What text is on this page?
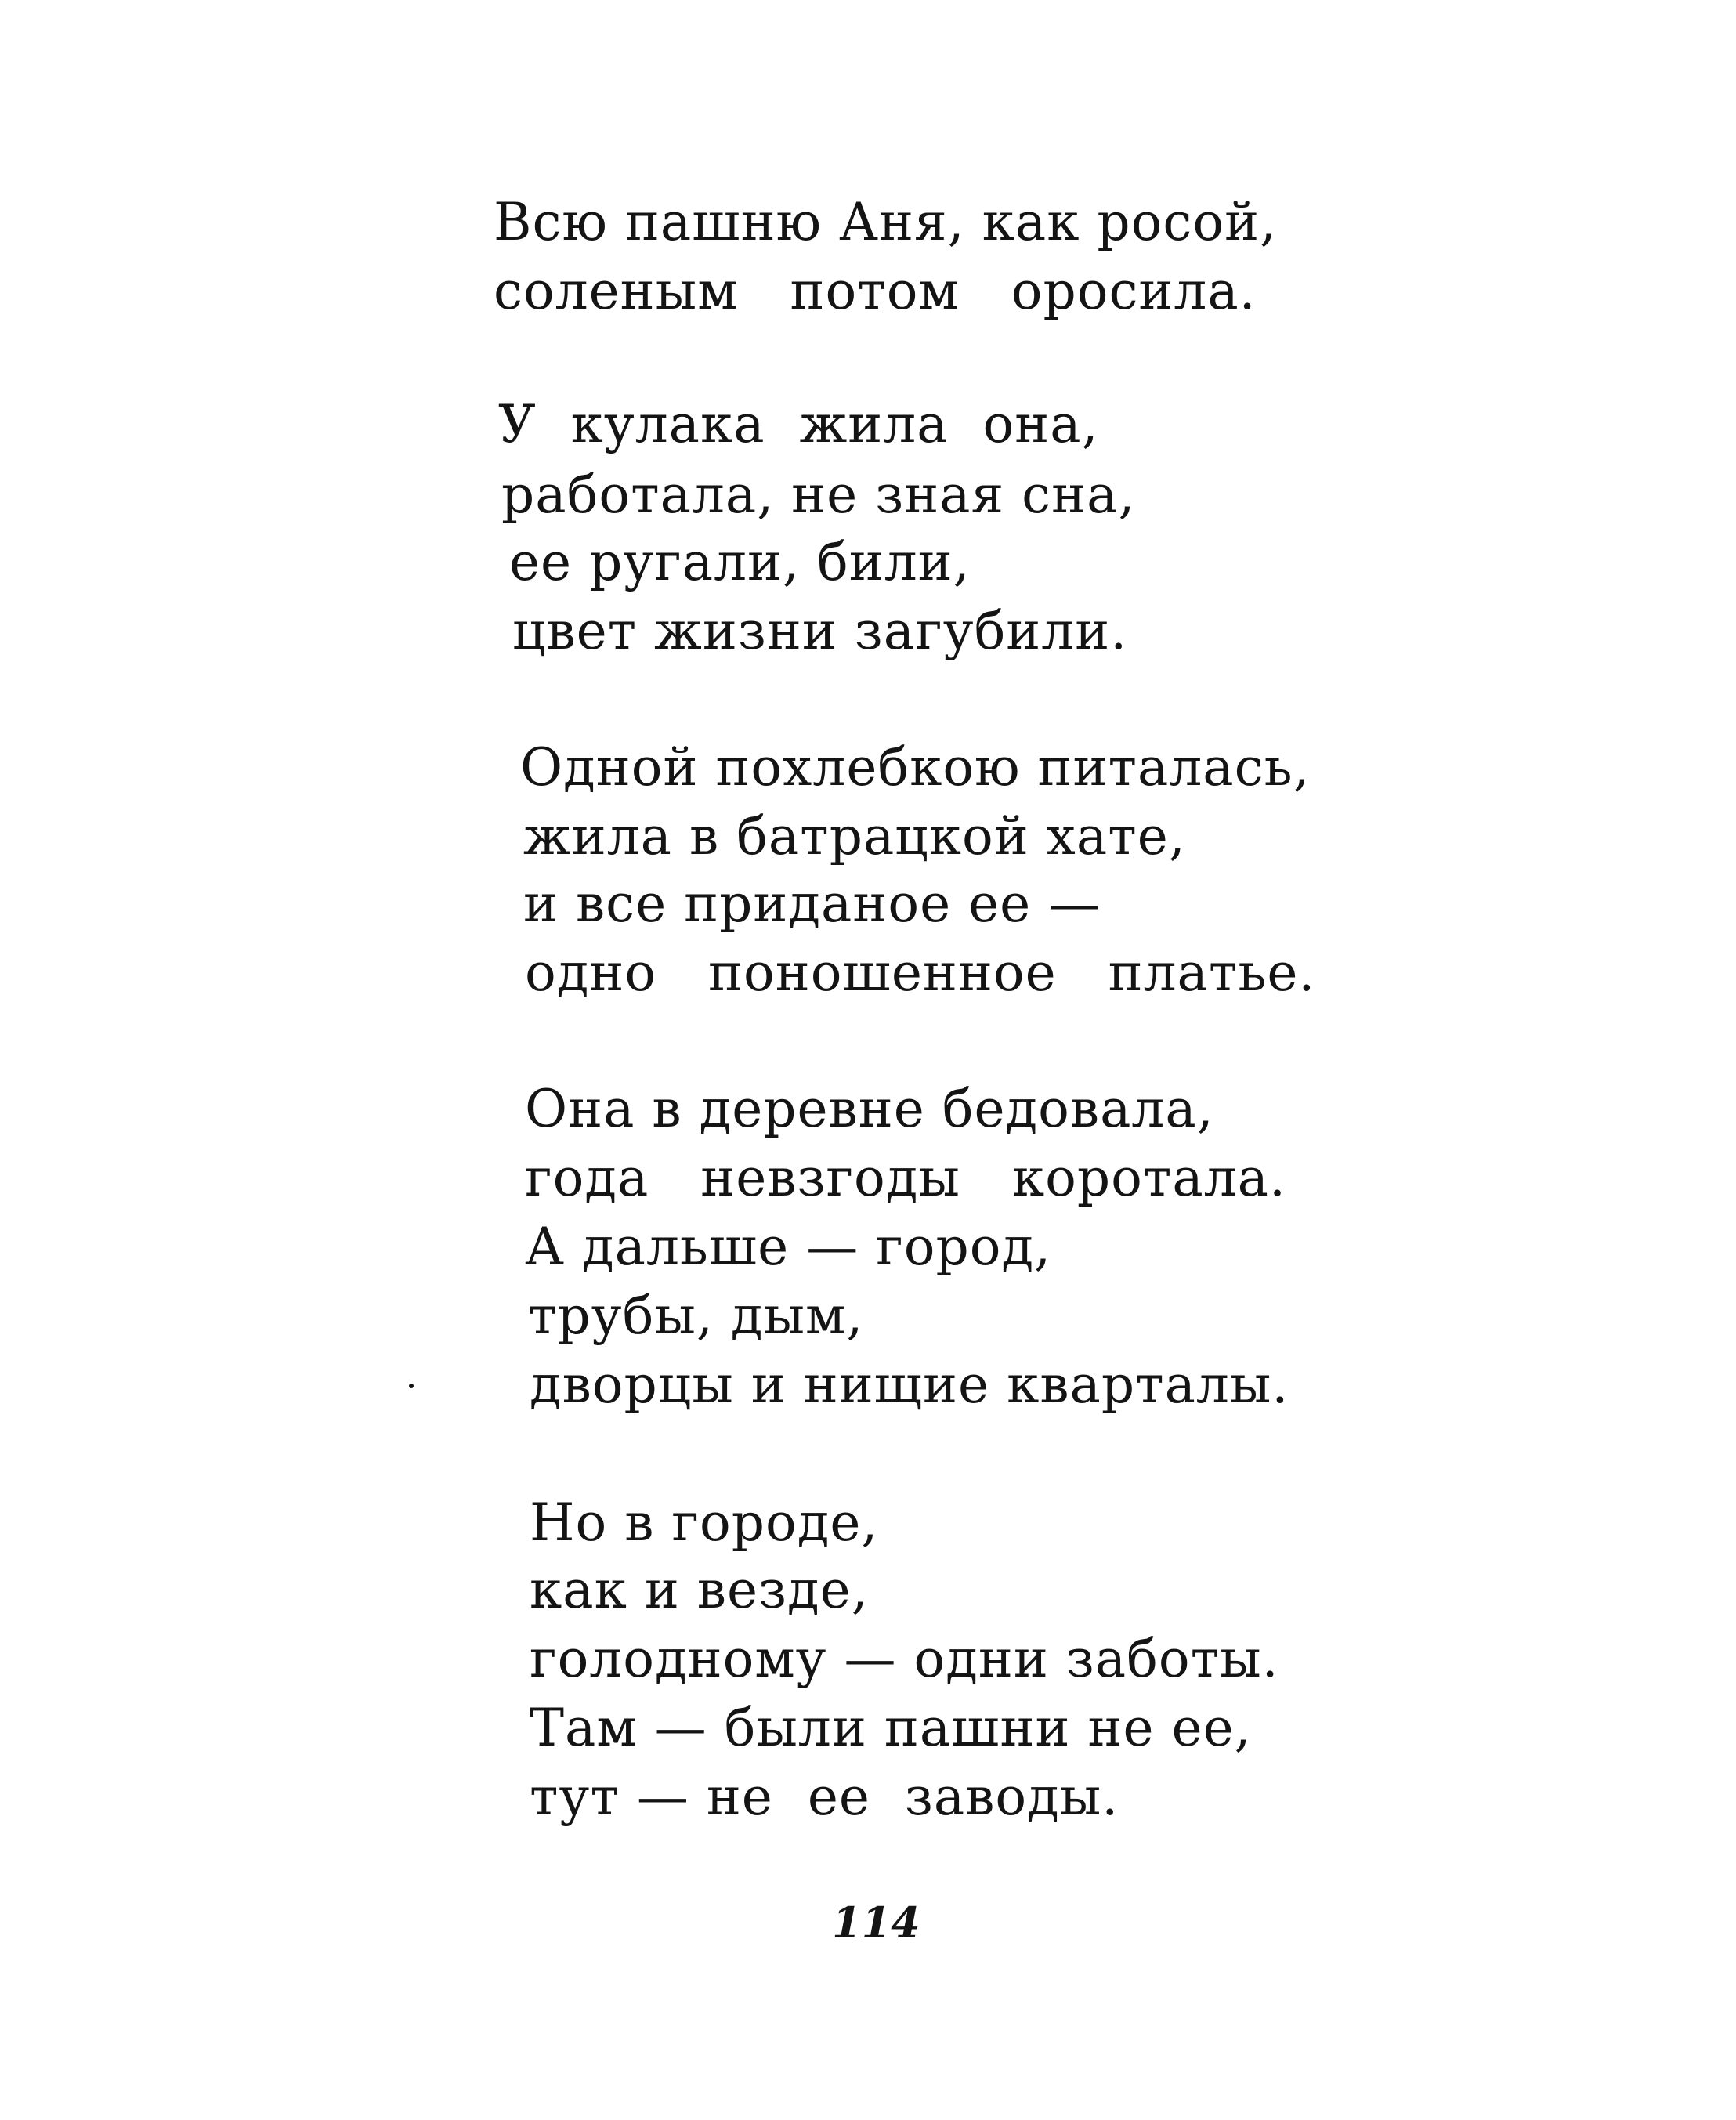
Всю пашню Аня, как росой,
соленым   потом   оросила.
У  кулака  жила  она,
работала, не зная сна,
ее ругали, били,
цвет жизни загубили.
Одной похлебкою питалась,
жила в батрацкой хате,
и все приданое ее —
одно   поношенное   платье.
Она в деревне бедовала,
года   невзгоды   коротала.
А дальше — город,
трубы, дым,
дворцы и нищие кварталы.
Но в городе,
как и везде,
голодному — одни заботы.
Там — были пашни не ее,
тут — не  ее  заводы.
114
